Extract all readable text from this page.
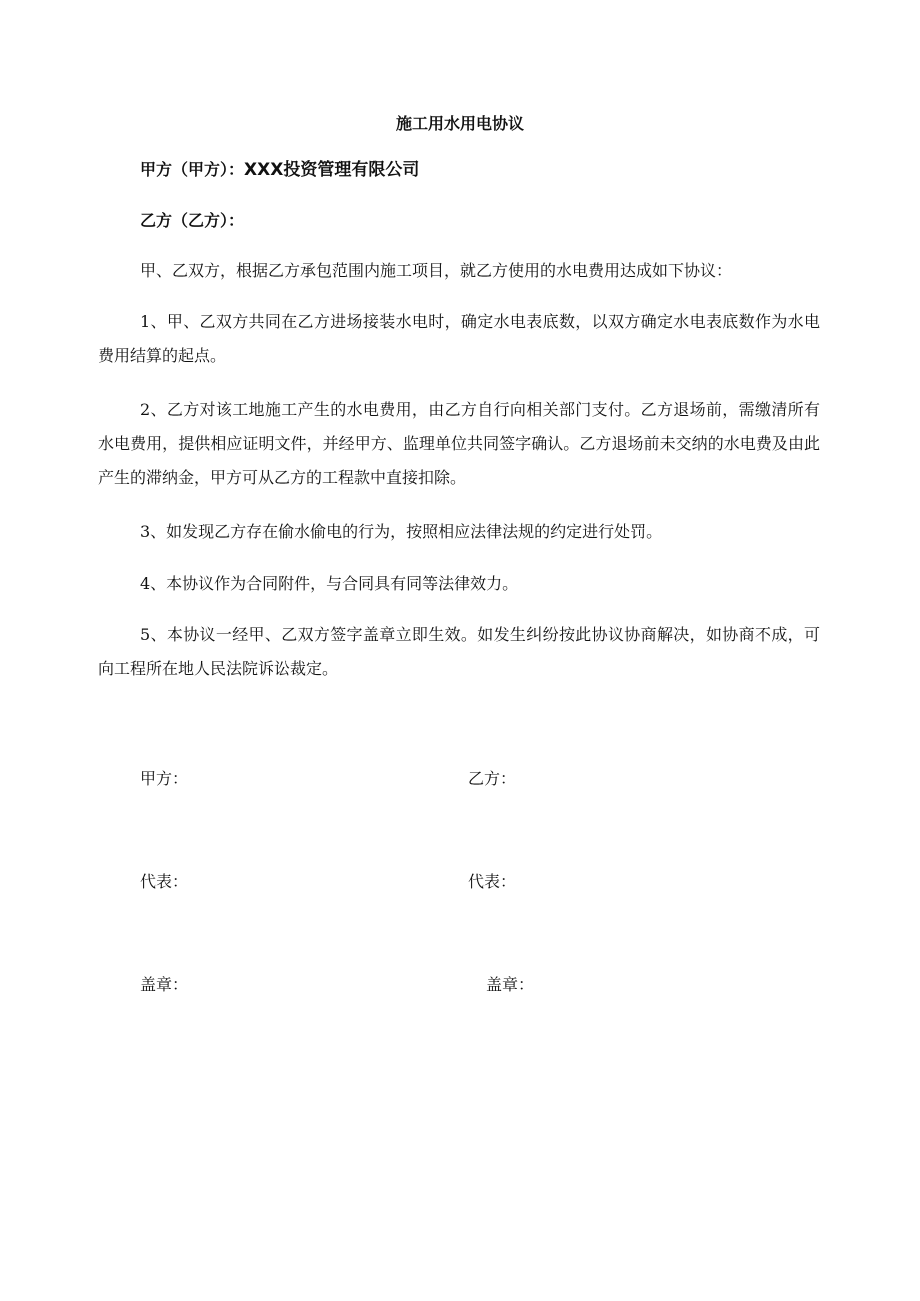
施工用水用电协议
甲方（甲方）：XXX投资管理有限公司
乙方（乙方）：

甲、乙双方，根据乙方承包范围内施工项目，就乙方使用的水电费用达成如下协议：

1、甲、乙双方共同在乙方进场接装水电时，确定水电表底数，以双方确定水电表底数作为水电费用结算的起点。

2、乙方对该工地施工产生的水电费用，由乙方自行向相关部门支付。乙方退场前，需缴清所有水电费用，提供相应证明文件，并经甲方、监理单位共同签字确认。乙方退场前未交纳的水电费及由此产生的滞纳金，甲方可从乙方的工程款中直接扣除。

3、如发现乙方存在偷水偷电的行为，按照相应法律法规的约定进行处罚。

4、本协议作为合同附件，与合同具有同等法律效力。

5、本协议一经甲、乙双方签字盖章立即生效。如发生纠纷按此协议协商解决，如协商不成，可向工程所在地人民法院诉讼裁定。

甲方：	乙方：
代表：	代表：
盖章：	盖章：
